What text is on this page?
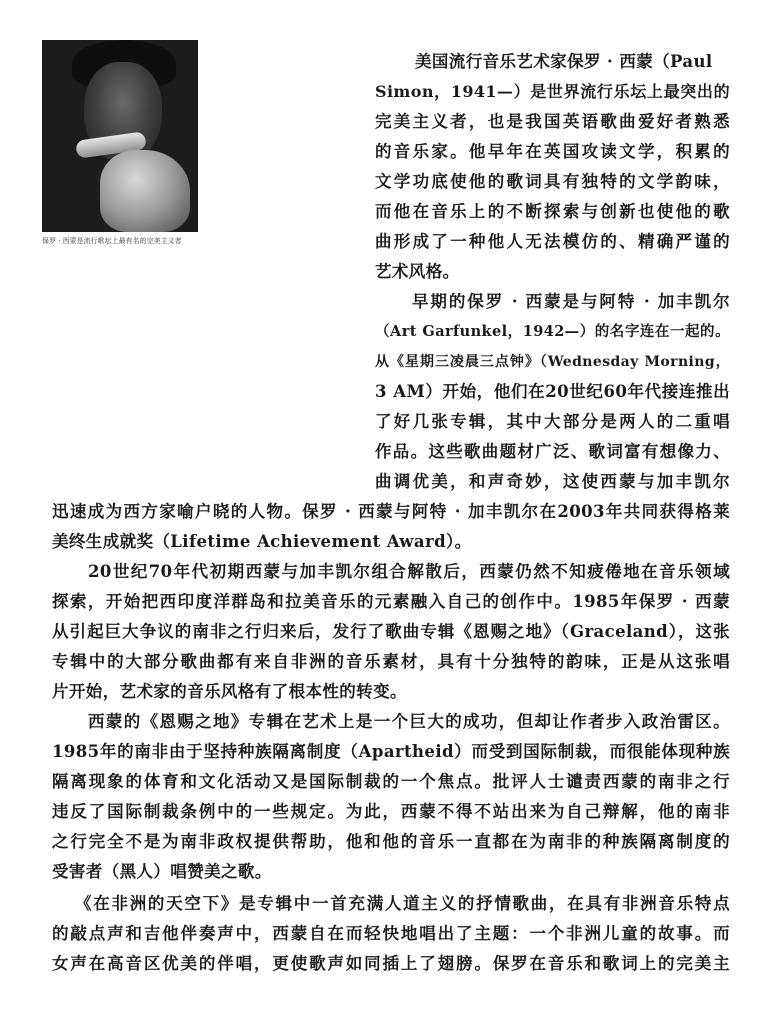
保罗 · 西蒙是流行歌坛上最有名的完美主义者
美国流行音乐艺术家保罗 · 西蒙（Paul
Simon，1941—）是世界流行乐坛上最突出的
完美主义者，也是我国英语歌曲爱好者熟悉
的音乐家。他早年在英国攻读文学，积累的
文学功底使他的歌词具有独特的文学韵味，
而他在音乐上的不断探索与创新也使他的歌
曲形成了一种他人无法模仿的、精确严谨的
艺术风格。
早期的保罗 · 西蒙是与阿特 · 加丰凯尔
（Art Garfunkel，1942—）的名字连在一起的。
从《星期三凌晨三点钟》（Wednesday Morning，
3 AM）开始，他们在20世纪60年代接连推出
了好几张专辑，其中大部分是两人的二重唱
作品。这些歌曲题材广泛、歌词富有想像力、
曲调优美，和声奇妙，这使西蒙与加丰凯尔
迅速成为西方家喻户晓的人物。保罗 · 西蒙与阿特 · 加丰凯尔在2003年共同获得格莱
美终生成就奖（Lifetime Achievement Award）。
20世纪70年代初期西蒙与加丰凯尔组合解散后，西蒙仍然不知疲倦地在音乐领域
探索，开始把西印度洋群岛和拉美音乐的元素融入自己的创作中。1985年保罗 · 西蒙
从引起巨大争议的南非之行归来后，发行了歌曲专辑《恩赐之地》（Graceland），这张
专辑中的大部分歌曲都有来自非洲的音乐素材，具有十分独特的韵味，正是从这张唱
片开始，艺术家的音乐风格有了根本性的转变。
西蒙的《恩赐之地》专辑在艺术上是一个巨大的成功，但却让作者步入政治雷区。
1985年的南非由于坚持种族隔离制度（Apartheid）而受到国际制裁，而很能体现种族
隔离现象的体育和文化活动又是国际制裁的一个焦点。批评人士谴责西蒙的南非之行
违反了国际制裁条例中的一些规定。为此，西蒙不得不站出来为自己辩解，他的南非
之行完全不是为南非政权提供帮助，他和他的音乐一直都在为南非的种族隔离制度的
受害者（黑人）唱赞美之歌。
《在非洲的天空下》是专辑中一首充满人道主义的抒情歌曲，在具有非洲音乐特点
的敲点声和吉他伴奏声中，西蒙自在而轻快地唱出了主题：一个非洲儿童的故事。而
女声在高音区优美的伴唱，更使歌声如同插上了翅膀。保罗在音乐和歌词上的完美主
